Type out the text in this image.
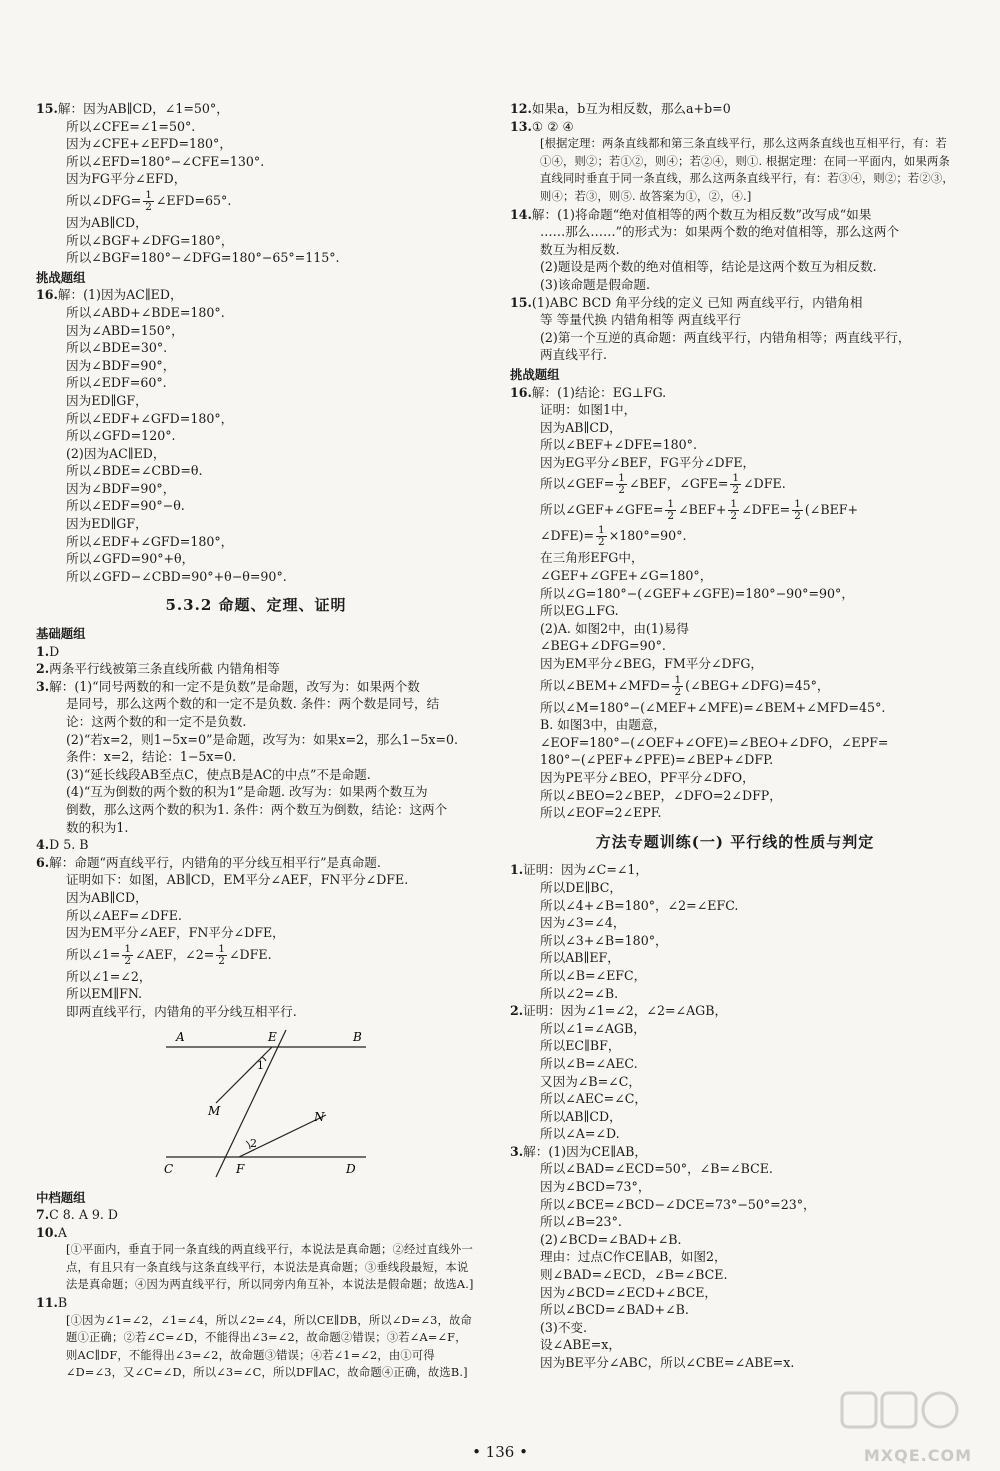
15.解：因为AB∥CD，∠1=50°，
所以∠CFE=∠1=50°.
因为∠CFE+∠EFD=180°，
所以∠EFD=180°−∠CFE=130°.
因为FG平分∠EFD，
所以∠DFG= $\frac{1}{2}$ ∠EFD=65°.
因为AB∥CD，
所以∠BGF+∠DFG=180°，
所以∠BGF=180°−∠DFG=180°−65°=115°.
挑战题组
16.解：(1)因为AC∥ED，
所以∠ABD+∠BDE=180°.
因为∠ABD=150°，
所以∠BDE=30°.
因为∠BDF=90°，
所以∠EDF=60°.
因为ED∥GF，
所以∠EDF+∠GFD=180°，
所以∠GFD=120°.
(2)因为AC∥ED，
所以∠BDE=∠CBD=θ.
因为∠BDF=90°，
所以∠EDF=90°−θ.
因为ED∥GF，
所以∠EDF+∠GFD=180°，
所以∠GFD=90°+θ，
所以∠GFD−∠CBD=90°+θ−θ=90°.
5.3.2 命题、定理、证明
基础题组
1.D
2.两条平行线被第三条直线所截 内错角相等
3.解：(1)“同号两数的和一定不是负数”是命题，改写为：如果两个数
是同号，那么这两个数的和一定不是负数. 条件：两个数是同号，结
论：这两个数的和一定不是负数.
(2)“若x=2，则1−5x=0”是命题，改写为：如果x=2，那么1−5x=0.
条件：x=2，结论：1−5x=0.
(3)“延长线段AB至点C，使点B是AC的中点”不是命题.
(4)“互为倒数的两个数的积为1”是命题. 改写为：如果两个数互为
倒数，那么这两个数的积为1. 条件：两个数互为倒数，结论：这两个
数的积为1.
4.D 5. B
6.解：命题“两直线平行，内错角的平分线互相平行”是真命题.
证明如下：如图，AB∥CD，EM平分∠AEF，FN平分∠DFE.
因为AB∥CD，
所以∠AEF=∠DFE.
因为EM平分∠AEF，FN平分∠DFE，
所以∠1= $\frac{1}{2}$ ∠AEF，∠2= $\frac{1}{2}$ ∠DFE.
所以∠1=∠2，
所以EM∥FN.
即两直线平行，内错角的平分线互相平行.
A	B
C	D
E
F
M	N
1
2
中档题组
7.C 8. A 9. D
10.A
[①平面内，垂直于同一条直线的两直线平行，本说法是真命题；②经过直线外一点，有且只有一条直线与这条直线平行，本说法是真命题；③垂线段最短，本说法是真命题；④因为两直线平行，所以同旁内角互补，本说法是假命题；故选A.]
11.B
[①因为∠1=∠2，∠1=∠4，所以∠2=∠4，所以CE∥DB，所以∠D=∠3，故命题①正确；②若∠C=∠D，不能得出∠3=∠2，故命题②错误；③若∠A=∠F，则AC∥DF，不能得出∠3=∠2，故命题③错误；④若∠1=∠2，由①可得∠D=∠3，又∠C=∠D，所以∠3=∠C，所以DF∥AC，故命题④正确，故选B.]
12.如果a，b互为相反数，那么a+b=0
13.① ② ④
[根据定理：两条直线都和第三条直线平行，那么这两条直线也互相平行，有：若①④，则②；若①②，则④；若②④，则①. 根据定理：在同一平面内，如果两条直线同时垂直于同一条直线，那么这两条直线平行，有：若③④，则②；若②③，则④；若③，则⑤. 故答案为①，②，④.]
14.解：(1)将命题“绝对值相等的两个数互为相反数”改写成“如果
……那么……”的形式为：如果两个数的绝对值相等，那么这两个
数互为相反数.
(2)题设是两个数的绝对值相等，结论是这两个数互为相反数.
(3)该命题是假命题.
15.(1)ABC BCD 角平分线的定义 已知 两直线平行，内错角相
等 等量代换 内错角相等 两直线平行
(2)第一个互逆的真命题：两直线平行，内错角相等；两直线平行，
两直线平行.
挑战题组
16.解：(1)结论：EG⊥FG.
证明：如图1中，
因为AB∥CD，
所以∠BEF+∠DFE=180°.
因为EG平分∠BEF，FG平分∠DFE，
所以∠GEF= $\frac{1}{2}$ ∠BEF，∠GFE= $\frac{1}{2}$ ∠DFE.
所以∠GEF+∠GFE= $\frac{1}{2}$ ∠BEF+ $\frac{1}{2}$ ∠DFE= $\frac{1}{2}$ (∠BEF+
∠DFE)= $\frac{1}{2} \times 180^\circ=90^\circ$.
在三角形EFG中，
∠GEF+∠GFE+∠G=180°，
所以∠G=180°−(∠GEF+∠GFE)=180°−90°=90°，
所以EG⊥FG.
(2)A. 如图2中，由(1)易得
∠BEG+∠DFG=90°.
因为EM平分∠BEG，FM平分∠DFG，
所以∠BEM+∠MFD= $\frac{1}{2}$ (∠BEG+∠DFG)=45°，
所以∠M=180°−(∠MEF+∠MFE)=∠BEM+∠MFD=45°.
B. 如图3中，由题意，
∠EOF=180°−(∠OEF+∠OFE)=∠BEO+∠DFO，∠EPF=
180°−(∠PEF+∠PFE)=∠BEP+∠DFP.
因为PE平分∠BEO，PF平分∠DFO，
所以∠BEO=2∠BEP，∠DFO=2∠DFP，
所以∠EOF=2∠EPF.
方法专题训练(一) 平行线的性质与判定
1.证明：因为∠C=∠1，
所以DE∥BC，
所以∠4+∠B=180°，∠2=∠EFC.
因为∠3=∠4，
所以∠3+∠B=180°，
所以AB∥EF，
所以∠B=∠EFC，
所以∠2=∠B.
2.证明：因为∠1=∠2，∠2=∠AGB，
所以∠1=∠AGB，
所以EC∥BF，
所以∠B=∠AEC.
又因为∠B=∠C，
所以∠AEC=∠C，
所以AB∥CD，
所以∠A=∠D.
3.解：(1)因为CE∥AB，
所以∠BAD=∠ECD=50°，∠B=∠BCE.
因为∠BCD=73°，
所以∠BCE=∠BCD−∠DCE=73°−50°=23°，
所以∠B=23°.
(2)∠BCD=∠BAD+∠B.
理由：过点C作CE∥AB，如图2，
则∠BAD=∠ECD，∠B=∠BCE.
因为∠BCD=∠ECD+∠BCE，
所以∠BCD=∠BAD+∠B.
(3)不变.
设∠ABE=x，
因为BE平分∠ABC，所以∠CBE=∠ABE=x.
• 136 •	MXQE.COM
